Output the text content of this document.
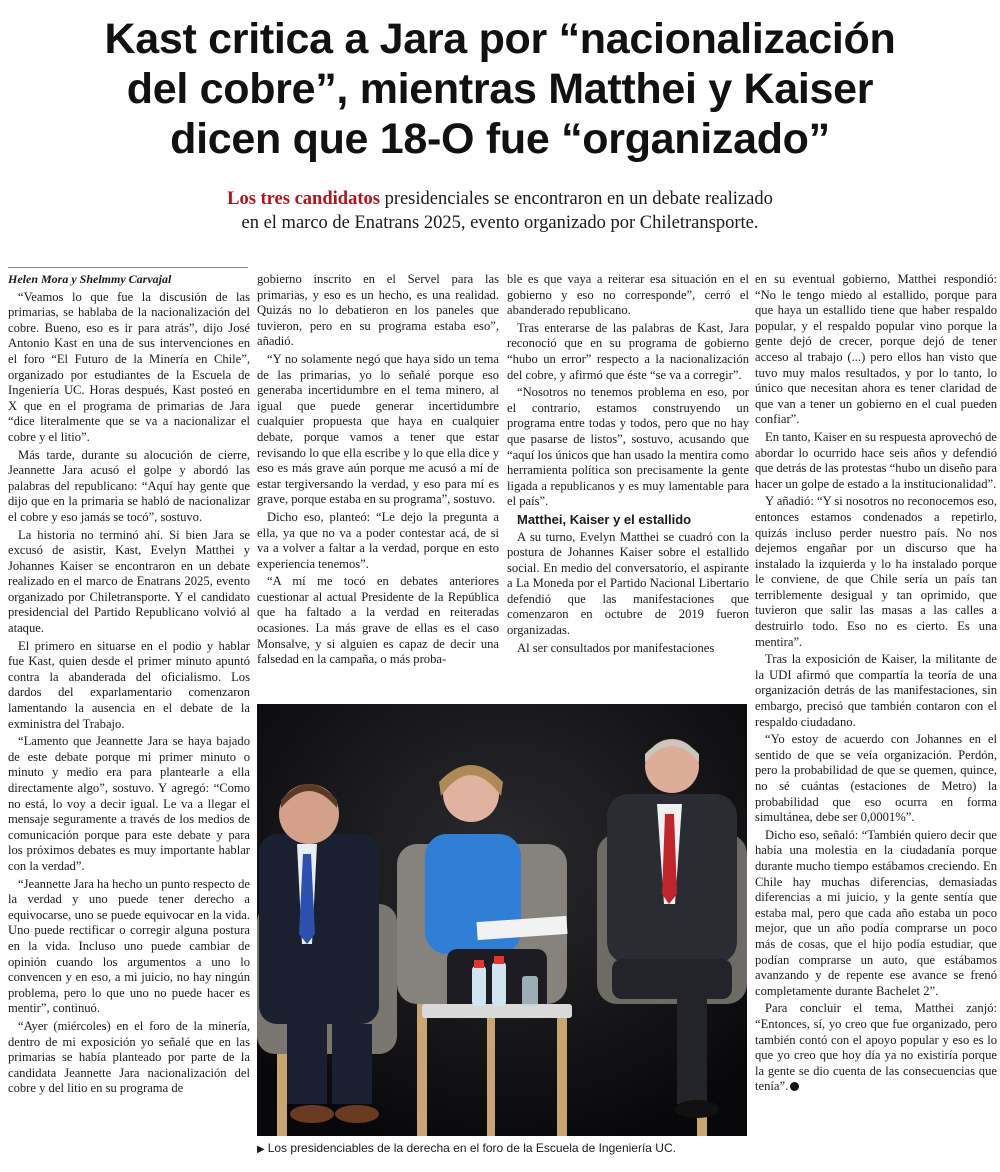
Kast critica a Jara por “nacionalización
del cobre”, mientras Matthei y Kaiser
dicen que 18-O fue “organizado”

Los tres candidatos presidenciales se encontraron en un debate realizado
en el marco de Enatrans 2025, evento organizado por Chiletransporte.

Helen Mora y Shelmmy Carvajal

“Veamos lo que fue la discusión de las primarias, se hablaba de la nacionalización del cobre. Bueno, eso es ir para atrás”, dijo José Antonio Kast en una de sus intervenciones en el foro “El Futuro de la Minería en Chile”, organizado por estudiantes de la Escuela de Ingeniería UC. Horas después, Kast posteó en X que en el programa de primarias de Jara “dice literalmente que se va a nacionalizar el cobre y el litio”.

Más tarde, durante su alocución de cierre, Jeannette Jara acusó el golpe y abordó las palabras del republicano: “Aquí hay gente que dijo que en la primaria se habló de nacionalizar el cobre y eso jamás se tocó”, sostuvo.

La historia no terminó ahí. Si bien Jara se excusó de asistir, Kast, Evelyn Matthei y Johannes Kaiser se encontraron en un debate realizado en el marco de Enatrans 2025, evento organizado por Chiletransporte. Y el candidato presidencial del Partido Republicano volvió al ataque.

El primero en situarse en el podio y hablar fue Kast, quien desde el primer minuto apuntó contra la abanderada del oficialismo. Los dardos del exparlamentario comenzaron lamentando la ausencia en el debate de la exministra del Trabajo.

“Lamento que Jeannette Jara se haya bajado de este debate porque mi primer minuto o minuto y medio era para plantearle a ella directamente algo”, sostuvo. Y agregó: “Como no está, lo voy a decir igual. Le va a llegar el mensaje seguramente a través de los medios de comunicación porque para este debate y para los próximos debates es muy importante hablar con la verdad”.

“Jeannette Jara ha hecho un punto respecto de la verdad y uno puede tener derecho a equivocarse, uno se puede equivocar en la vida. Uno puede rectificar o corregir alguna postura en la vida. Incluso uno puede cambiar de opinión cuando los argumentos a uno lo convencen y en eso, a mi juicio, no hay ningún problema, pero lo que uno no puede hacer es mentir”, continuó.

“Ayer (miércoles) en el foro de la minería, dentro de mi exposición yo señalé que en las primarias se había planteado por parte de la candidata Jeannette Jara nacionalización del cobre y del litio en su programa de

gobierno inscrito en el Servel para las primarias, y eso es un hecho, es una realidad. Quizás no lo debatieron en los paneles que tuvieron, pero en su programa estaba eso”, añadió.

“Y no solamente negó que haya sido un tema de las primarias, yo lo señalé porque eso generaba incertidumbre en el tema minero, al igual que puede generar incertidumbre cualquier propuesta que haya en cualquier debate, porque vamos a tener que estar revisando lo que ella escribe y lo que ella dice y eso es más grave aún porque me acusó a mí de estar tergiversando la verdad, y eso para mí es grave, porque estaba en su programa”, sostuvo.

Dicho eso, planteó: “Le dejo la pregunta a ella, ya que no va a poder contestar acá, de si va a volver a faltar a la verdad, porque en esto experiencia tenemos”.

“A mí me tocó en debates anteriores cuestionar al actual Presidente de la República que ha faltado a la verdad en reiteradas ocasiones. La más grave de ellas es el caso Monsalve, y si alguien es capaz de decir una falsedad en la campaña, o más proba-

ble es que vaya a reiterar esa situación en el gobierno y eso no corresponde”, cerró el abanderado republicano.

Tras enterarse de las palabras de Kast, Jara reconoció que en su programa de gobierno “hubo un error” respecto a la nacionalización del cobre, y afirmó que éste “se va a corregir”.

“Nosotros no tenemos problema en eso, por el contrario, estamos construyendo un programa entre todas y todos, pero que no hay que pasarse de listos”, sostuvo, acusando que “aquí los únicos que han usado la mentira como herramienta política son precisamente la gente ligada a republicanos y es muy lamentable para el país”.

Matthei, Kaiser y el estallido

A su turno, Evelyn Matthei se cuadró con la postura de Johannes Kaiser sobre el estallido social. En medio del conversatorio, el aspirante a La Moneda por el Partido Nacional Libertario defendió que las manifestaciones que comenzaron en octubre de 2019 fueron organizadas.

Al ser consultados por manifestaciones

en su eventual gobierno, Matthei respondió: “No le tengo miedo al estallido, porque para que haya un estallido tiene que haber respaldo popular, y el respaldo popular vino porque la gente dejó de crecer, porque dejó de tener acceso al trabajo (...) pero ellos han visto que tuvo muy malos resultados, y por lo tanto, lo único que necesitan ahora es tener claridad de que van a tener un gobierno en el cual pueden confiar”.

En tanto, Kaiser en su respuesta aprovechó de abordar lo ocurrido hace seis años y defendió que detrás de las protestas “hubo un diseño para hacer un golpe de estado a la institucionalidad”.

Y añadió: “Y si nosotros no reconocemos eso, entonces estamos condenados a repetirlo, quizás incluso perder nuestro país. No nos dejemos engañar por un discurso que ha instalado la izquierda y lo ha instalado porque le conviene, de que Chile sería un país tan terriblemente desigual y tan oprimido, que tuvieron que salir las masas a las calles a destruirlo todo. Eso no es cierto. Es una mentira”.

Tras la exposición de Kaiser, la militante de la UDI afirmó que compartía la teoría de una organización detrás de las manifestaciones, sin embargo, precisó que también contaron con el respaldo ciudadano.

“Yo estoy de acuerdo con Johannes en el sentido de que se veía organización. Perdón, pero la probabilidad de que se quemen, quince, no sé cuántas (estaciones de Metro) la probabilidad que eso ocurra en forma simultánea, debe ser 0,0001%”.

Dicho eso, señaló: “También quiero decir que había una molestia en la ciudadanía porque durante mucho tiempo estábamos creciendo. En Chile hay muchas diferencias, demasiadas diferencias a mi juicio, y la gente sentía que estaba mal, pero que cada año estaba un poco mejor, que un año podía comprarse un poco más de cosas, que el hijo podía estudiar, que podían comprarse un auto, que estábamos avanzando y de repente ese avance se frenó completamente durante Bachelet 2”.

Para concluir el tema, Matthei zanjó: “Entonces, sí, yo creo que fue organizado, pero también contó con el apoyo popular y eso es lo que yo creo que hoy día ya no existiría porque la gente se dio cuenta de las consecuencias que tenía”.

▶ Los presidenciables de la derecha en el foro de la Escuela de Ingeniería UC.
